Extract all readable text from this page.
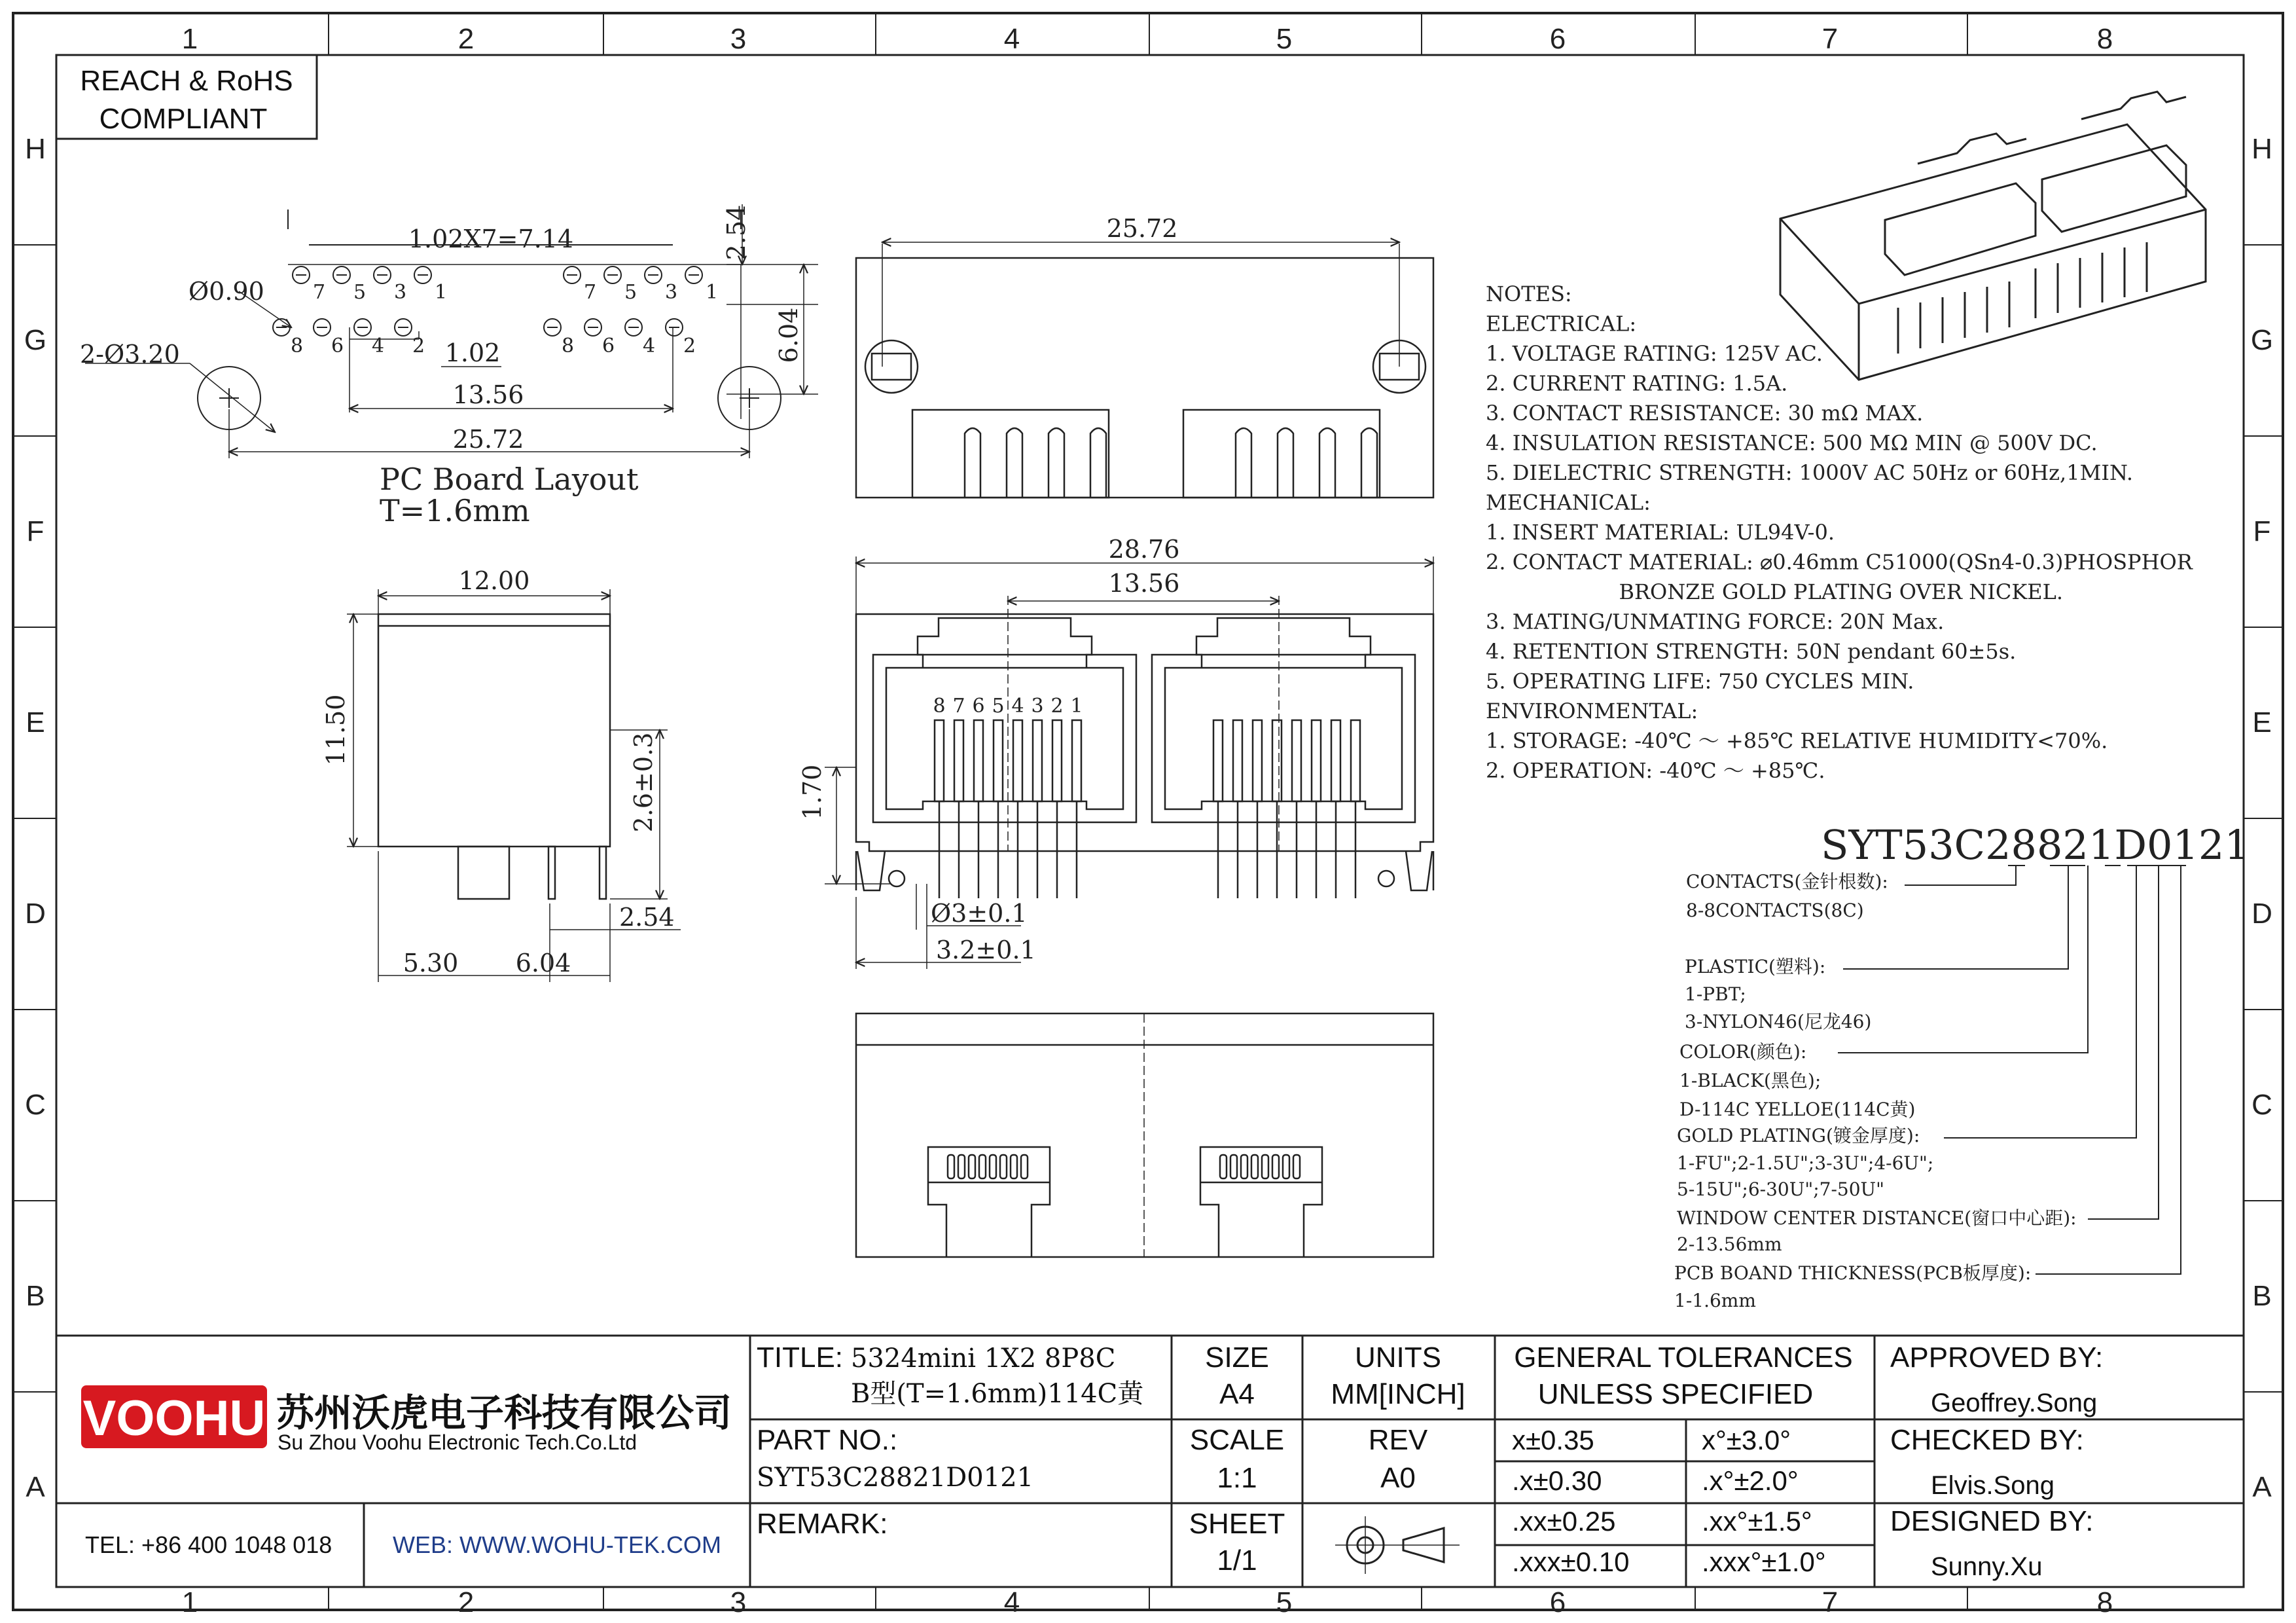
1
1
2
2
3
3
4
4
5
5
6
6
7
7
8
8
H	H
G	G
F	F
E	E
D	D
C	C
B	B
A	A
REACH & RoHS
COMPLIANT
1.02X7=7.14
Ø0.90
2-Ø3.20	1.02
13.56
25.72
2.54
6.04
PC Board Layout
T=1.6mm
7 5 3 1
8 6 4 2
7 5 3 1
8 6 4 2
12.00
11.50
2.6±0.3
2.54
5.30 6.04
25.72
28.76
13.56
1.70
Ø3±0.1
3.2±0.1
8 7 6 5 4 3 2 1
NOTES:
ELECTRICAL:
1. VOLTAGE RATING: 125V AC.
2. CURRENT RATING: 1.5A.
3. CONTACT RESISTANCE: 30 mΩ MAX.
4. INSULATION RESISTANCE: 500 MΩ MIN @ 500V DC.
5. DIELECTRIC STRENGTH: 1000V AC 50Hz or 60Hz,1MIN.
MECHANICAL:
1. INSERT MATERIAL: UL94V-0.
2. CONTACT MATERIAL: ⌀0.46mm C51000(QSn4-0.3)PHOSPHOR
BRONZE GOLD PLATING OVER NICKEL.
3. MATING/UNMATING FORCE: 20N Max.
4. RETENTION STRENGTH: 50N pendant 60±5s.
5. OPERATING LIFE: 750 CYCLES MIN.
ENVIRONMENTAL:
1. STORAGE: -40℃ ～ +85℃ RELATIVE HUMIDITY<70%.
2. OPERATION: -40℃ ～ +85℃.
SYT53C28821D0121
CONTACTS(金针根数):
8-8CONTACTS(8C)
PLASTIC(塑料):
1-PBT;
3-NYLON46(尼龙46)
COLOR(颜色):
1-BLACK(黑色);
D-114C YELLOE(114C黄)
GOLD PLATING(镀金厚度):
1-FU";2-1.5U";3-3U";4-6U";
5-15U";6-30U";7-50U"
WINDOW CENTER DISTANCE(窗口中心距):
2-13.56mm
PCB BOAND THICKNESS(PCB板厚度):
1-1.6mm
VOOHU 苏州沃虎电子科技有限公司
Su Zhou Voohu Electronic Tech.Co.Ltd
TEL: +86 400 1048 018	WEB: WWW.WOHU-TEK.COM
TITLE: 5324mini 1X2 8P8C
B型(T=1.6mm)114C黄
PART NO.:
SYT53C28821D0121
REMARK:
SIZE
A4
UNITS
MM[INCH]
SCALE
1:1
REV
A0
SHEET
1/1
GENERAL TOLERANCES
UNLESS SPECIFIED
APPROVED BY:
Geoffrey.Song
CHECKED BY:
Elvis.Song
DESIGNED BY:
Sunny.Xu
x±0.35	x°±3.0°
.x±0.30	.x°±2.0°
.xx±0.25	.xx°±1.5°
.xxx±0.10	.xxx°±1.0°
